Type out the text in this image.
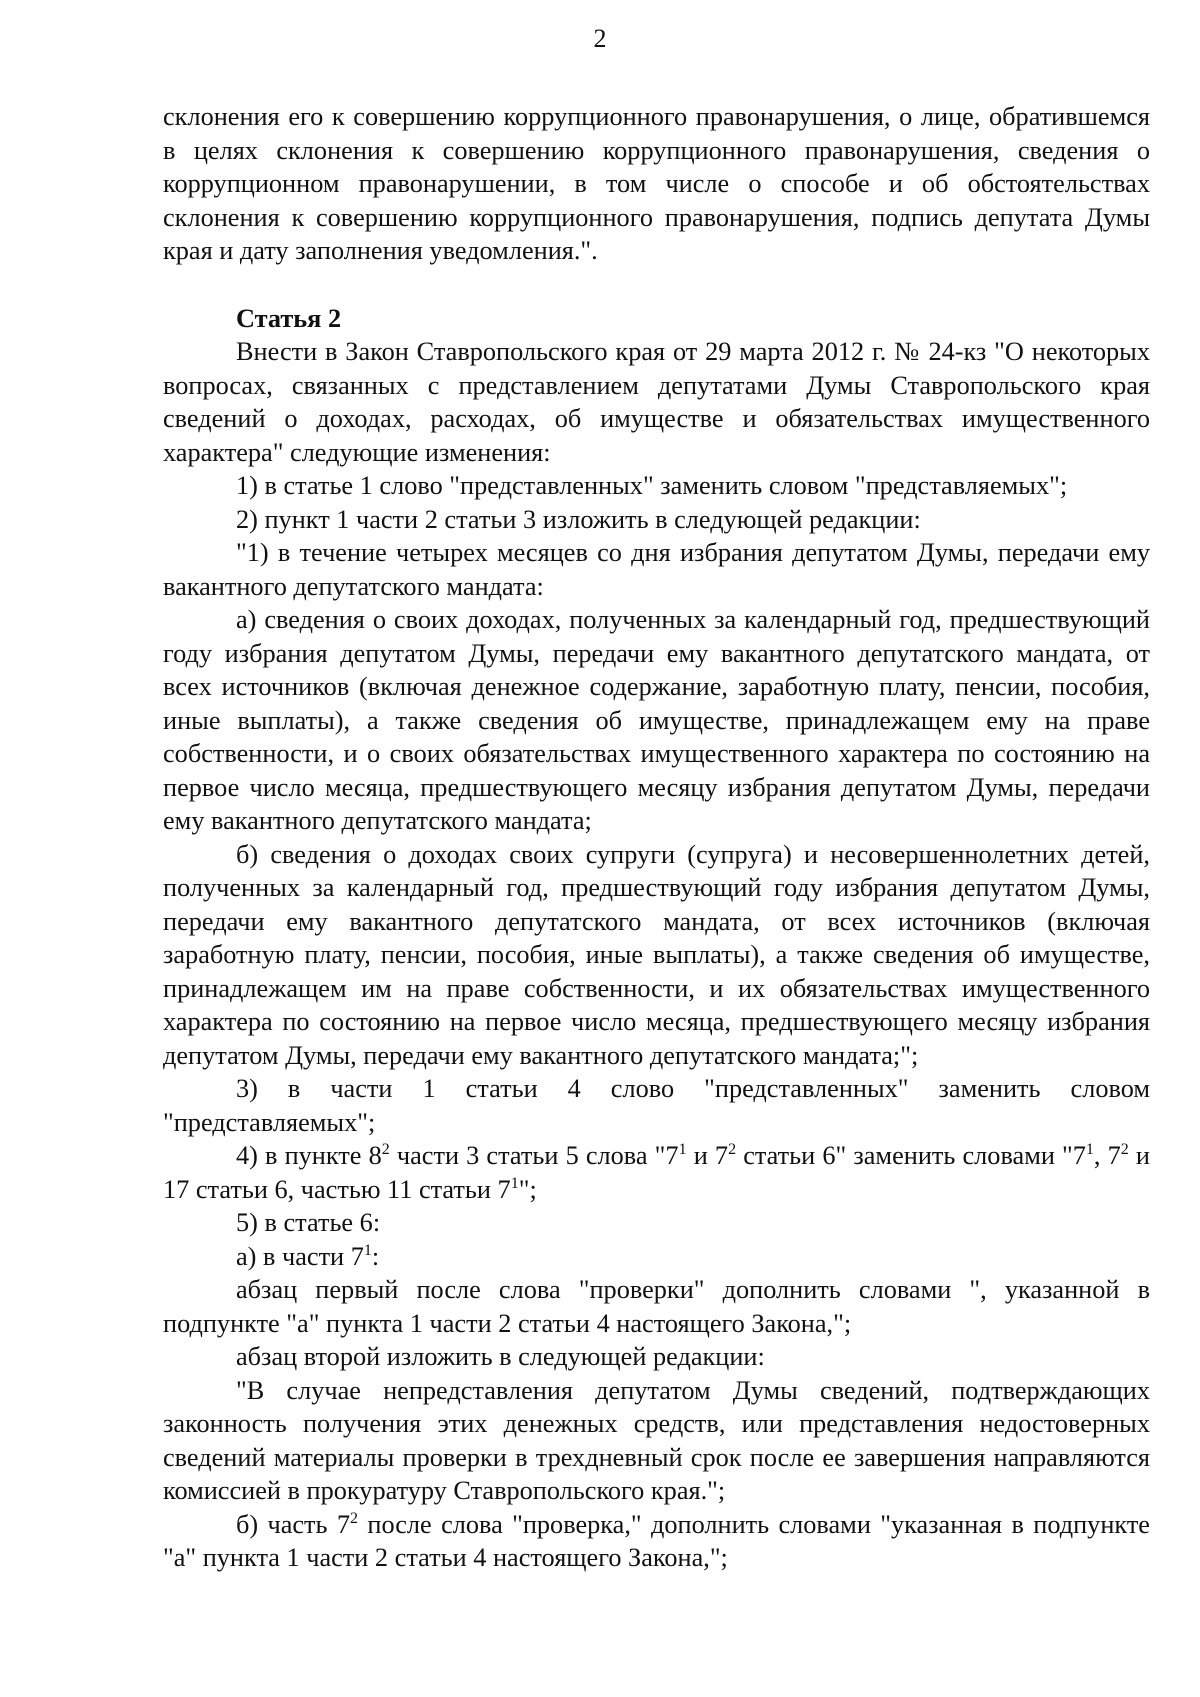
2

склонения его к совершению коррупционного правонарушения, о лице, обратившемся в целях склонения к совершению коррупционного правонарушения, сведения о коррупционном правонарушении, в том числе о способе и об обстоятельствах склонения к совершению коррупционного правонарушения, подпись депутата Думы края и дату заполнения уведомления.".

Статья 2

Внести в Закон Ставропольского края от 29 марта 2012 г. № 24-кз "О некоторых вопросах, связанных с представлением депутатами Думы Ставропольского края сведений о доходах, расходах, об имуществе и обязательствах имущественного характера" следующие изменения:

1) в статье 1 слово "представленных" заменить словом "представляемых";

2) пункт 1 части 2 статьи 3 изложить в следующей редакции:

"1) в течение четырех месяцев со дня избрания депутатом Думы, передачи ему вакантного депутатского мандата:

а) сведения о своих доходах, полученных за календарный год, предшествующий году избрания депутатом Думы, передачи ему вакантного депутатского мандата, от всех источников (включая денежное содержание, заработную плату, пенсии, пособия, иные выплаты), а также сведения об имуществе, принадлежащем ему на праве собственности, и о своих обязательствах имущественного характера по состоянию на первое число месяца, предшествующего месяцу избрания депутатом Думы, передачи ему вакантного депутатского мандата;

б) сведения о доходах своих супруги (супруга) и несовершеннолетних детей, полученных за календарный год, предшествующий году избрания депутатом Думы, передачи ему вакантного депутатского мандата, от всех источников (включая заработную плату, пенсии, пособия, иные выплаты), а также сведения об имуществе, принадлежащем им на праве собственности, и их обязательствах имущественного характера по состоянию на первое число месяца, предшествующего месяцу избрания депутатом Думы, передачи ему вакантного депутатского мандата;";

3) в части 1 статьи 4 слово "представленных" заменить словом "представляемых";

4) в пункте $8^2$ части 3 статьи 5 слова "$7^1$ и $7^2$ статьи 6" заменить словами "$7^1$, $7^2$ и 17 статьи 6, частью 11 статьи $7^1$";

5) в статье 6:

а) в части $7^1$:

абзац первый после слова "проверки" дополнить словами ", указанной в подпункте "а" пункта 1 части 2 статьи 4 настоящего Закона,";

абзац второй изложить в следующей редакции:

"В случае непредставления депутатом Думы сведений, подтверждающих законность получения этих денежных средств, или представления недостоверных сведений материалы проверки в трехдневный срок после ее завершения направляются комиссией в прокуратуру Ставропольского края.";

б) часть $7^2$ после слова "проверка," дополнить словами "указанная в подпункте "а" пункта 1 части 2 статьи 4 настоящего Закона,";
